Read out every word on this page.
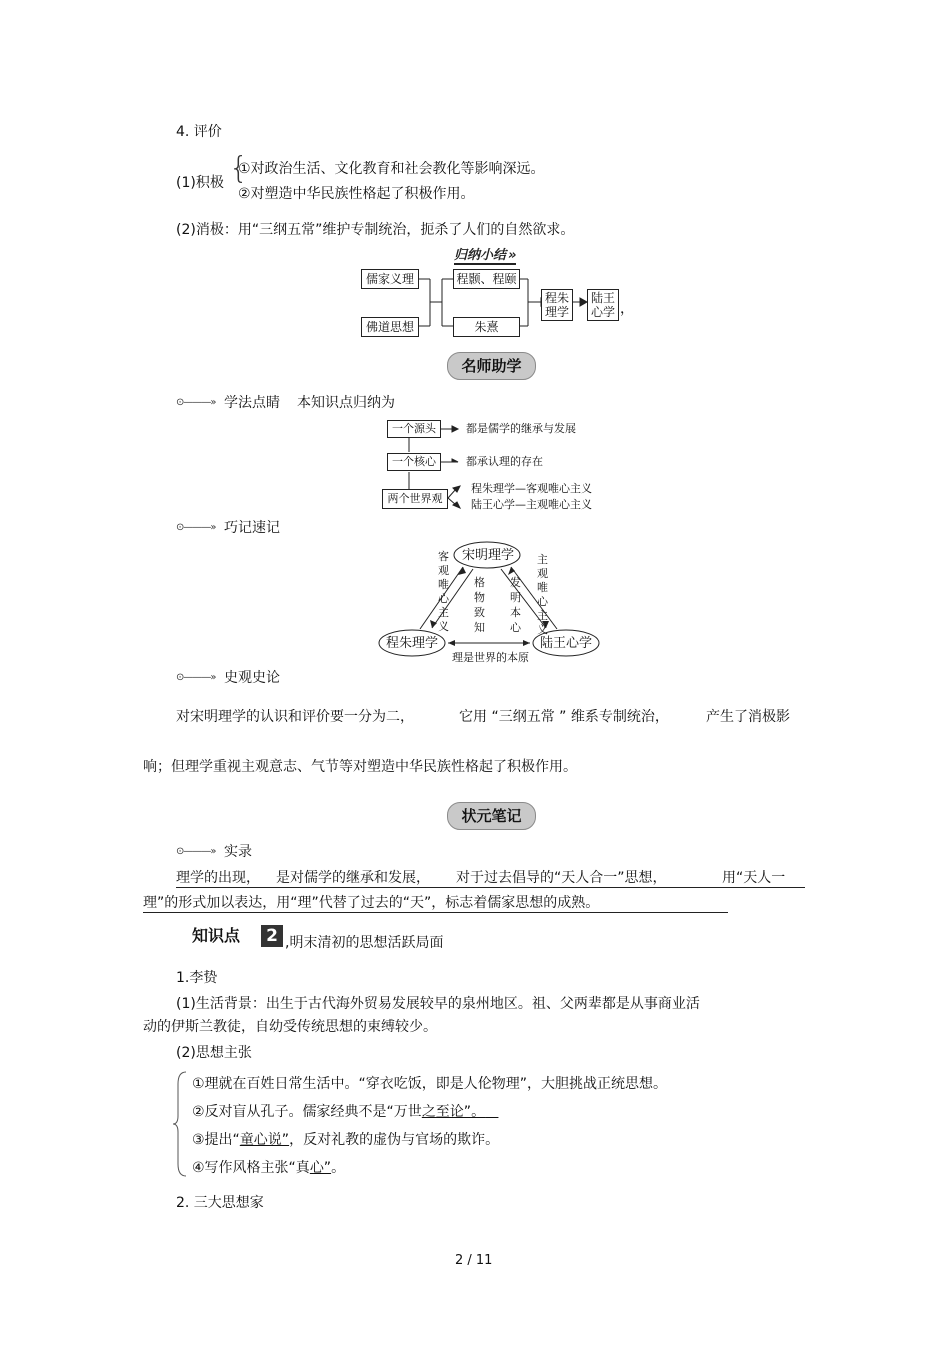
4. 评价
(1)积极 {
①对政治生活、文化教育和社会教化等影响深远。
②对塑造中华民族性格起了积极作用。
(2)消极：用“三纲五常”维护专制统治，扼杀了人们的自然欲求。
归纳小结 »
儒家义理
佛道思想
程颢、程颐
朱熹
程朱
理学
陆王
心学 ，
名师助学
⊙———» 学法点睛 本知识点归纳为
一个源头
一个核心
两个世界观
都是儒学的继承与发展
都承认理的存在
程朱理学—客观唯心主义
陆王心学—主观唯心主义
⊙———» 巧记速记
宋明理学
程朱理学	陆王心学
客观唯心主义
格物致知
发明本心
主观唯心主义
理是世界的本原
⊙———» 史观史论
对宋明理学的认识和评价要一分为二，	它用 “三纲五常 ” 维系专制统治，	产生了消极影
响；但理学重视主观意志、气节等对塑造中华民族性格起了积极作用。
状元笔记
⊙———» 实录
理学的出现， 是对儒学的继承和发展， 对于过去倡导的“天人合一”思想，	用“天人一
理”的形式加以表达，用“理”代替了过去的“天”，标志着儒家思想的成熟。
知识点 2 ,明末清初的思想活跃局面
1.李贽
(1)生活背景：出生于古代海外贸易发展较早的泉州地区。祖、父两辈都是从事商业活
动的伊斯兰教徒，自幼受传统思想的束缚较少。
(2)思想主张
①理就在百姓日常生活中。“穿衣吃饭，即是人伦物理”，大胆挑战正统思想。
②反对盲从孔子。儒家经典不是“万世之至论”。
③提出“童心说”，反对礼教的虚伪与官场的欺诈。
④写作风格主张“真心”。
2. 三大思想家
2 / 11
